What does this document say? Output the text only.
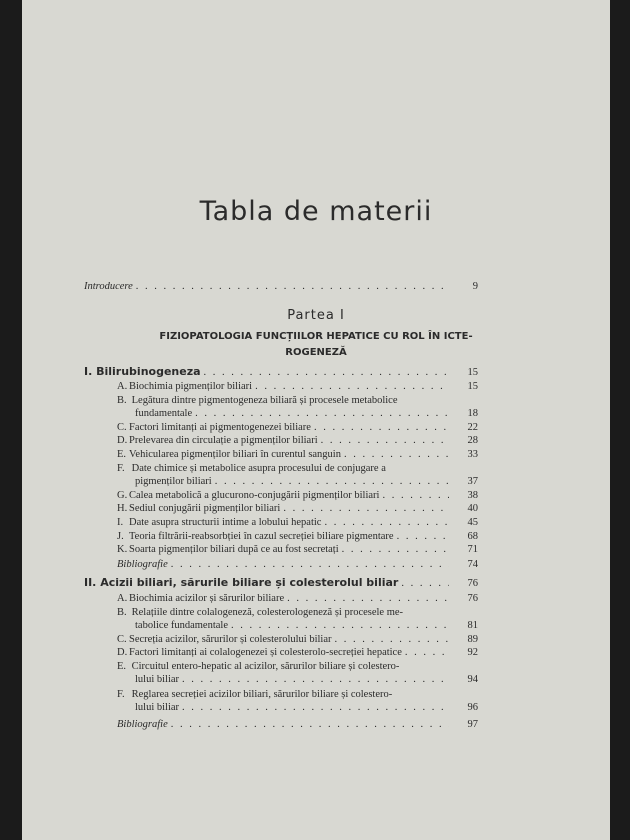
Tabla de materii
Introducere . . .	9
Partea I
FIZIOPATOLOGIA FUNCȚIILOR HEPATICE CU ROL ÎN ICTE-
ROGENEZĂ
I. Bilirubinogeneza . . .	15
A. Biochimia pigmenților biliari . . .	15
B. Legătura dintre pigmentogeneza biliară și procesele metabolice
fundamentale . . .	18
C. Factori limitanți ai pigmentogenezei biliare . . .	22
D. Prelevarea din circulație a pigmenților biliari . . .	28
E. Vehicularea pigmenților biliari în curentul sanguin . . .	33
F. Date chimice și metabolice asupra procesului de conjugare a
pigmenților biliari . . .	37
G. Calea metabolică a glucurono-conjugării pigmenților biliari . . .	38
H. Sediul conjugării pigmenților biliari . . .	40
I. Date asupra structurii intime a lobului hepatic . . .	45
J. Teoria filtrării-reabsorbției în cazul secreției biliare pigmentare . . .	68
K. Soarta pigmenților biliari după ce au fost secretați . . .	71
Bibliografie . . .	74
II. Acizii biliari, sărurile biliare și colesterolul biliar . . .	76
A. Biochimia acizilor și sărurilor biliare . . .	76
B. Relațiile dintre colalogeneză, colesterologeneză și procesele me-
tabolice fundamentale . . .	81
C. Secreția acizilor, sărurilor și colesterolului biliar . . .	89
D. Factori limitanți ai colalogenezei și colesterolo-secreției hepatice . . .	92
E. Circuitul entero-hepatic al acizilor, sărurilor biliare și colestero-
lului biliar . . .	94
F. Reglarea secreției acizilor biliari, sărurilor biliare și colestero-
lului biliar . . .	96
Bibliografie . . .	97
